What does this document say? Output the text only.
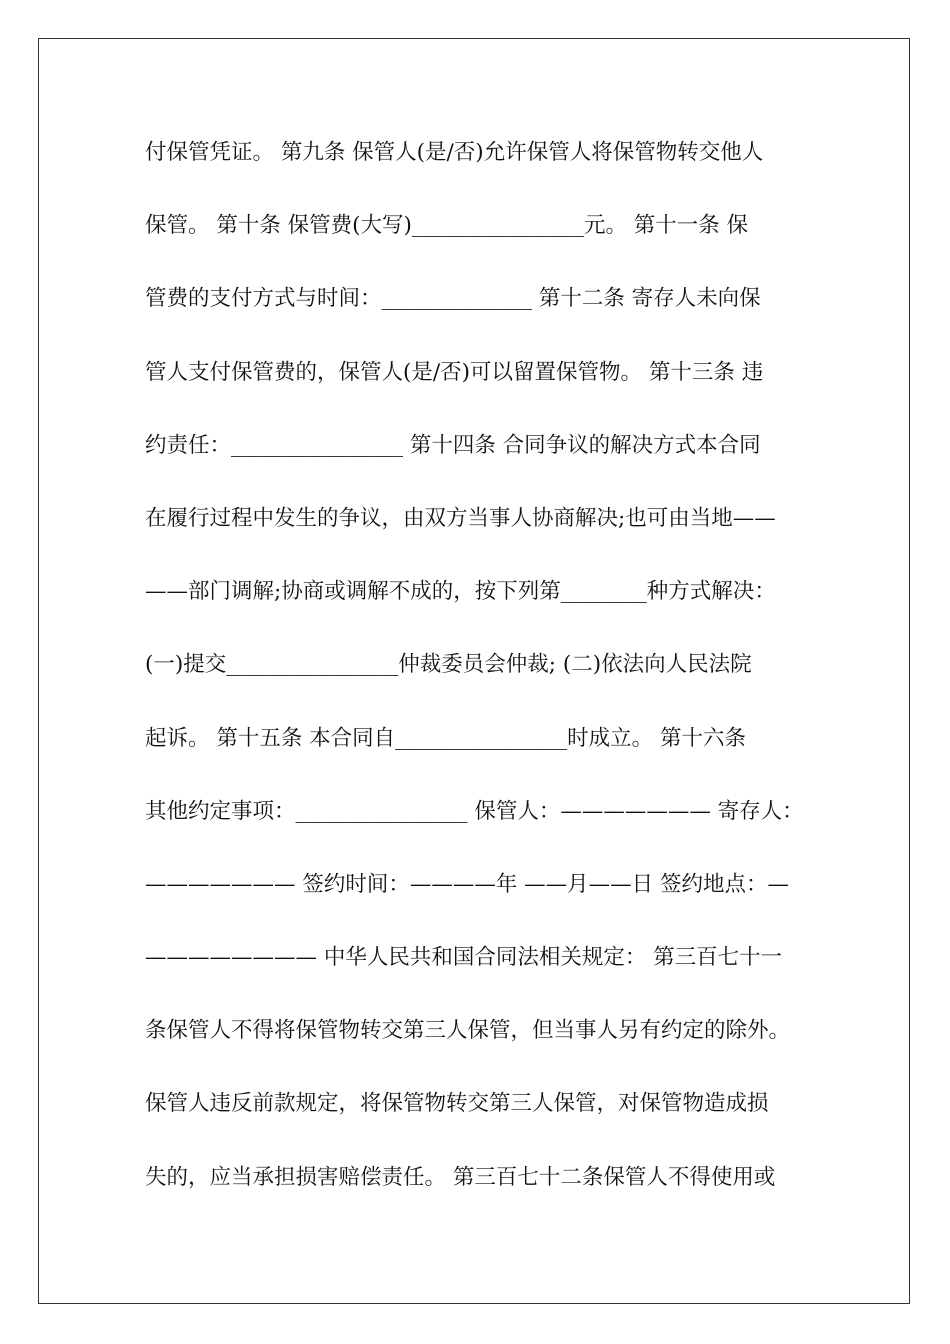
付保管凭证。 第九条 保管人(是/否)允许保管人将保管物转交他人
保管。 第十条 保管费(大写)________________元。 第十一条 保
管费的支付方式与时间：______________ 第十二条 寄存人未向保
管人支付保管费的，保管人(是/否)可以留置保管物。 第十三条 违
约责任：________________ 第十四条 合同争议的解决方式本合同
在履行过程中发生的争议，由双方当事人协商解决;也可由当地——
——部门调解;协商或调解不成的，按下列第________种方式解决：
(一)提交________________仲裁委员会仲裁; (二)依法向人民法院
起诉。 第十五条 本合同自________________时成立。 第十六条
其他约定事项：________________ 保管人：——————— 寄存人：
——————— 签约时间：————年 ——月——日 签约地点：—
———————— 中华人民共和国合同法相关规定： 第三百七十一
条保管人不得将保管物转交第三人保管，但当事人另有约定的除外。
保管人违反前款规定，将保管物转交第三人保管，对保管物造成损
失的，应当承担损害赔偿责任。 第三百七十二条保管人不得使用或
